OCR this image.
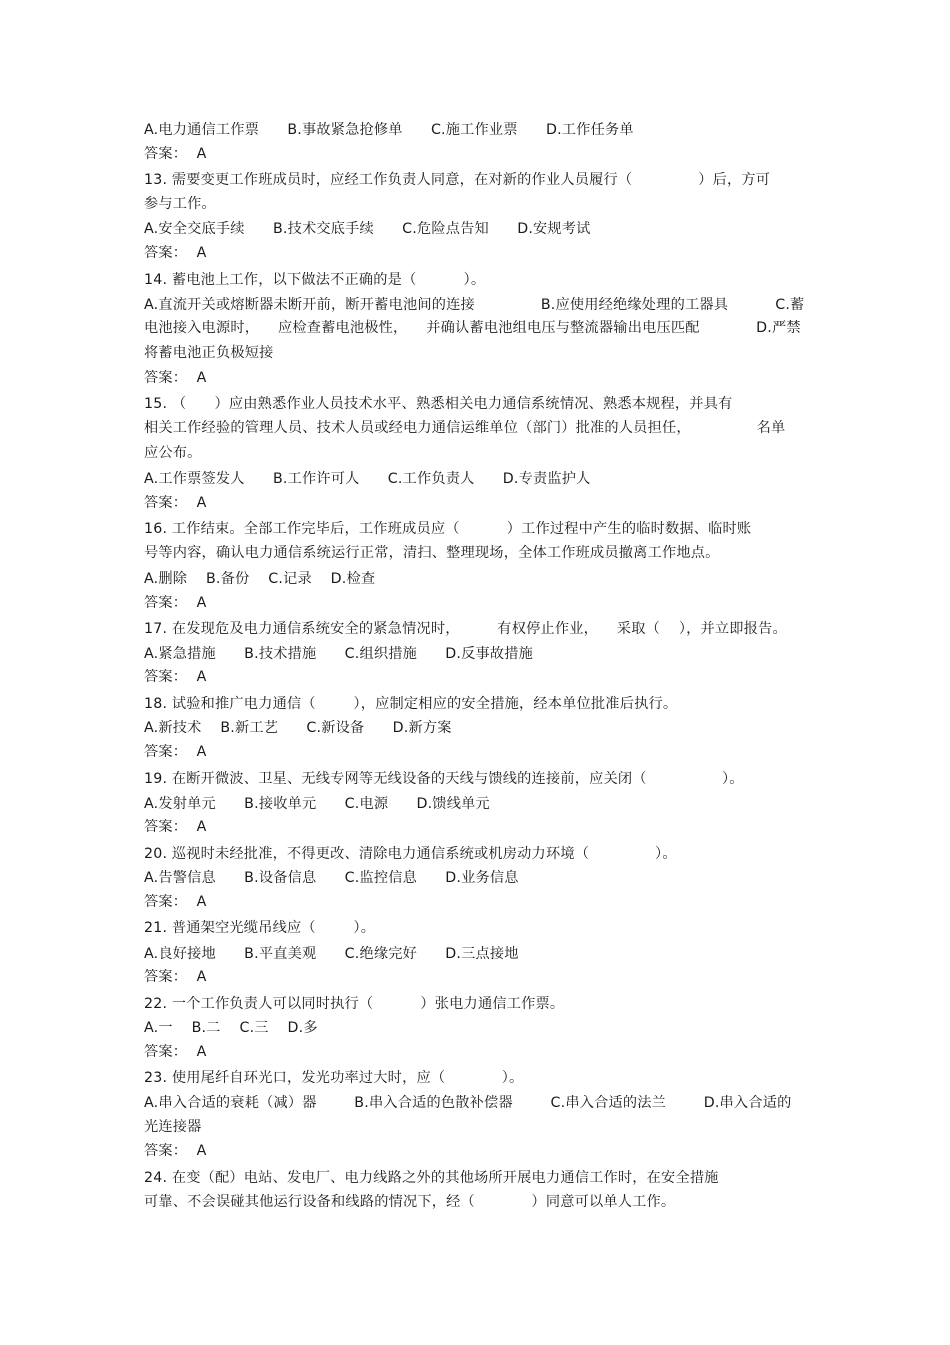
A.电力通信工作票      B.事故紧急抢修单      C.施工作业票      D.工作任务单
答案：  A
13. 需要变更工作班成员时，应经工作负责人同意，在对新的作业人员履行（              ）后，方可
参与工作。
A.安全交底手续      B.技术交底手续      C.危险点告知      D.安规考试
答案：  A
14. 蓄电池上工作，以下做法不正确的是（          ）。
A.直流开关或熔断器未断开前，断开蓄电池间的连接              B.应使用经绝缘处理的工器具          C.蓄
电池接入电源时，    应检查蓄电池极性，    并确认蓄电池组电压与整流器输出电压匹配            D.严禁
将蓄电池正负极短接
答案：  A
15. （      ）应由熟悉作业人员技术水平、熟悉相关电力通信系统情况、熟悉本规程，并具有
相关工作经验的管理人员、技术人员或经电力通信运维单位（部门）批准的人员担任，              名单
应公布。
A.工作票签发人      B.工作许可人      C.工作负责人      D.专责监护人
答案：  A
16. 工作结束。全部工作完毕后，工作班成员应（          ）工作过程中产生的临时数据、临时账
号等内容，确认电力通信系统运行正常，清扫、整理现场，全体工作班成员撤离工作地点。
A.删除    B.备份    C.记录    D.检查
答案：  A
17. 在发现危及电力通信系统安全的紧急情况时，        有权停止作业，    采取（    ），并立即报告。
A.紧急措施      B.技术措施      C.组织措施      D.反事故措施
答案：  A
18. 试验和推广电力通信（        ），应制定相应的安全措施，经本单位批准后执行。
A.新技术    B.新工艺      C.新设备      D.新方案
答案：  A
19. 在断开微波、卫星、无线专网等无线设备的天线与馈线的连接前，应关闭（                ）。
A.发射单元      B.接收单元      C.电源      D.馈线单元
答案：  A
20. 巡视时未经批准，不得更改、清除电力通信系统或机房动力环境（              ）。
A.告警信息      B.设备信息      C.监控信息      D.业务信息
答案：  A
21. 普通架空光缆吊线应（        ）。
A.良好接地      B.平直美观      C.绝缘完好      D.三点接地
答案：  A
22. 一个工作负责人可以同时执行（          ）张电力通信工作票。
A.一    B.二    C.三    D.多
答案：  A
23. 使用尾纤自环光口，发光功率过大时，应（            ）。
A.串入合适的衰耗（减）器        B.串入合适的色散补偿器        C.串入合适的法兰        D.串入合适的
光连接器
答案：  A
24. 在变（配）电站、发电厂、电力线路之外的其他场所开展电力通信工作时，在安全措施
可靠、不会误碰其他运行设备和线路的情况下，经（            ）同意可以单人工作。
